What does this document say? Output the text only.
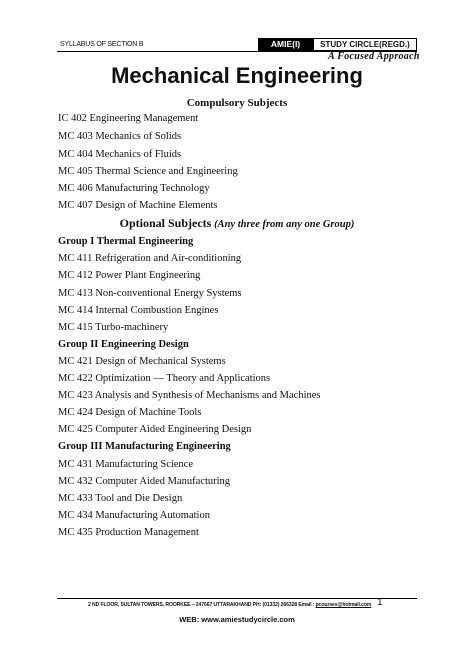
SYLLABUS OF SECTION B	AMIE(I)	STUDY CIRCLE(REGD.)
A Focused Approach
Mechanical Engineering
Compulsory Subjects
IC 402 Engineering Management
MC 403 Mechanics of Solids
MC 404 Mechanics of Fluids
MC 405 Thermal Science and Engineering
MC 406 Manufacturing Technology
MC 407 Design of Machine Elements
Optional Subjects (Any three from any one Group)
Group I Thermal Engineering
MC 411 Refrigeration and Air-conditioning
MC 412 Power Plant Engineering
MC 413 Non-conventional Energy Systems
MC 414 Internal Combustion Engines
MC 415 Turbo-machinery
Group II Engineering Design
MC 421 Design of Mechanical Systems
MC 422 Optimization — Theory and Applications
MC 423 Analysis and Synthesis of Mechanisms and Machines
MC 424 Design of Machine Tools
MC 425 Computer Aided Engineering Design
Group III Manufacturing Engineering
MC 431 Manufacturing Science
MC 432 Computer Aided Manufacturing
MC 433 Tool and Die Design
MC 434 Manufacturing Automation
MC 435 Production Management
2 ND FLOOR, SULTAN TOWERS, ROORKEE – 247667 UTTARAKHAND PH: (01332) 266328 Email : pcourses@hotmail.com 1
WEB: www.amiestudycircle.com
